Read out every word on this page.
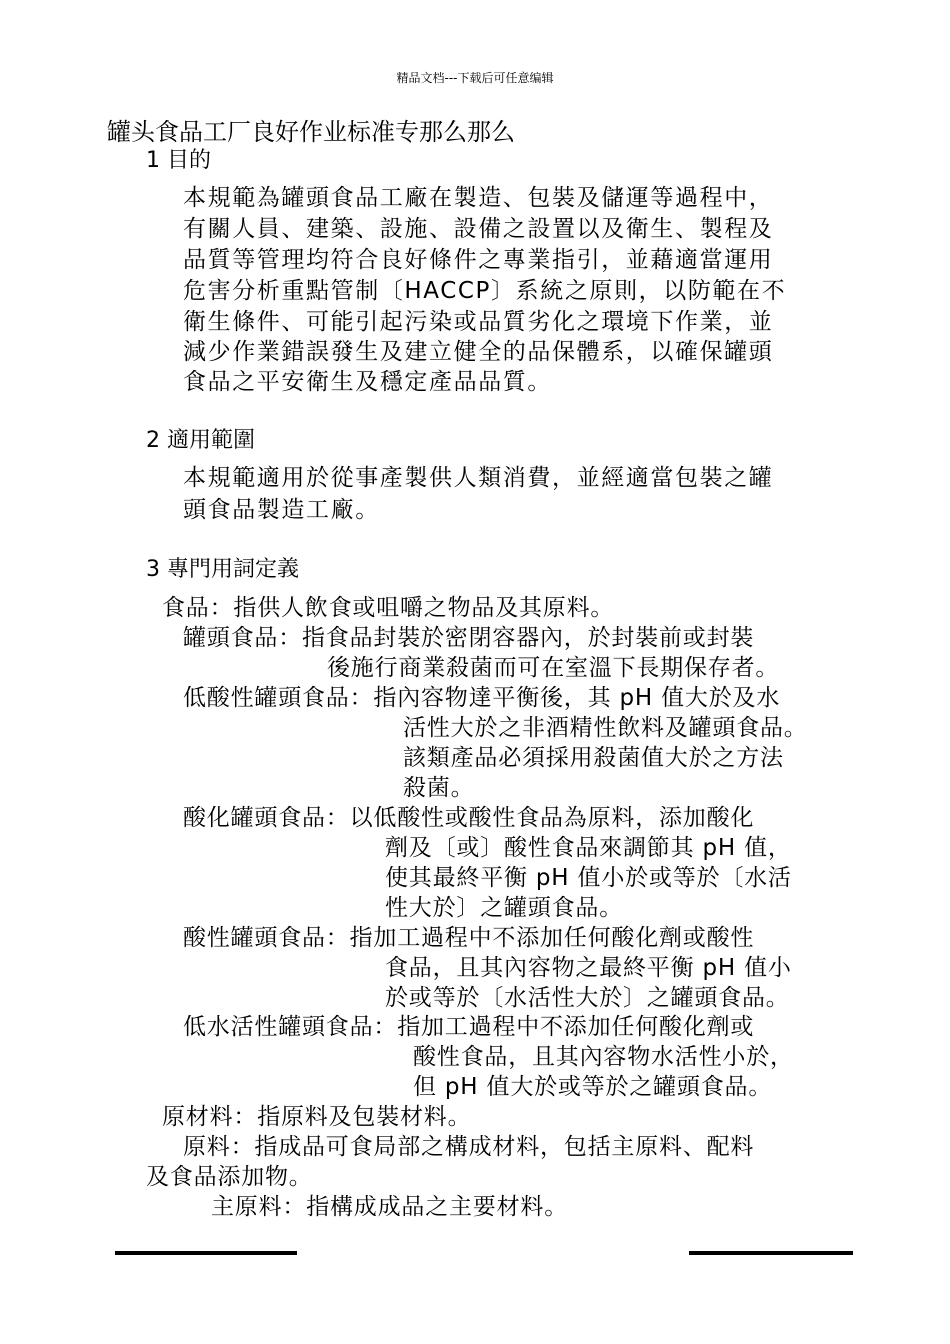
精品文档---下载后可任意编辑
罐头食品工厂良好作业标准专那么那么
1 目的
本規範為罐頭食品工廠在製造、包裝及儲運等過程中，
有關人員、建築、設施、設備之設置以及衛生、製程及
品質等管理均符合良好條件之專業指引，並藉適當運用
危害分析重點管制〔HACCP〕系統之原則，以防範在不
衛生條件、可能引起污染或品質劣化之環境下作業，並
減少作業錯誤發生及建立健全的品保體系，以確保罐頭
食品之平安衛生及穩定產品品質。
2 適用範圍
本規範適用於從事產製供人類消費，並經適當包裝之罐
頭食品製造工廠。
3 專門用詞定義
食品：指供人飲食或咀嚼之物品及其原料。
罐頭食品：指食品封裝於密閉容器內，於封裝前或封裝
後施行商業殺菌而可在室溫下長期保存者。
低酸性罐頭食品：指內容物達平衡後，其 pH 值大於及水
活性大於之非酒精性飲料及罐頭食品。
該類產品必須採用殺菌值大於之方法
殺菌。
酸化罐頭食品：以低酸性或酸性食品為原料，添加酸化
劑及〔或〕酸性食品來調節其 pH 值，
使其最終平衡 pH 值小於或等於〔水活
性大於〕之罐頭食品。
酸性罐頭食品：指加工過程中不添加任何酸化劑或酸性
食品，且其內容物之最終平衡 pH 值小
於或等於〔水活性大於〕之罐頭食品。
低水活性罐頭食品：指加工過程中不添加任何酸化劑或
酸性食品，且其內容物水活性小於，
但 pH 值大於或等於之罐頭食品。
原材料：指原料及包裝材料。
原料：指成品可食局部之構成材料，包括主原料、配料
及食品添加物。
主原料：指構成成品之主要材料。
